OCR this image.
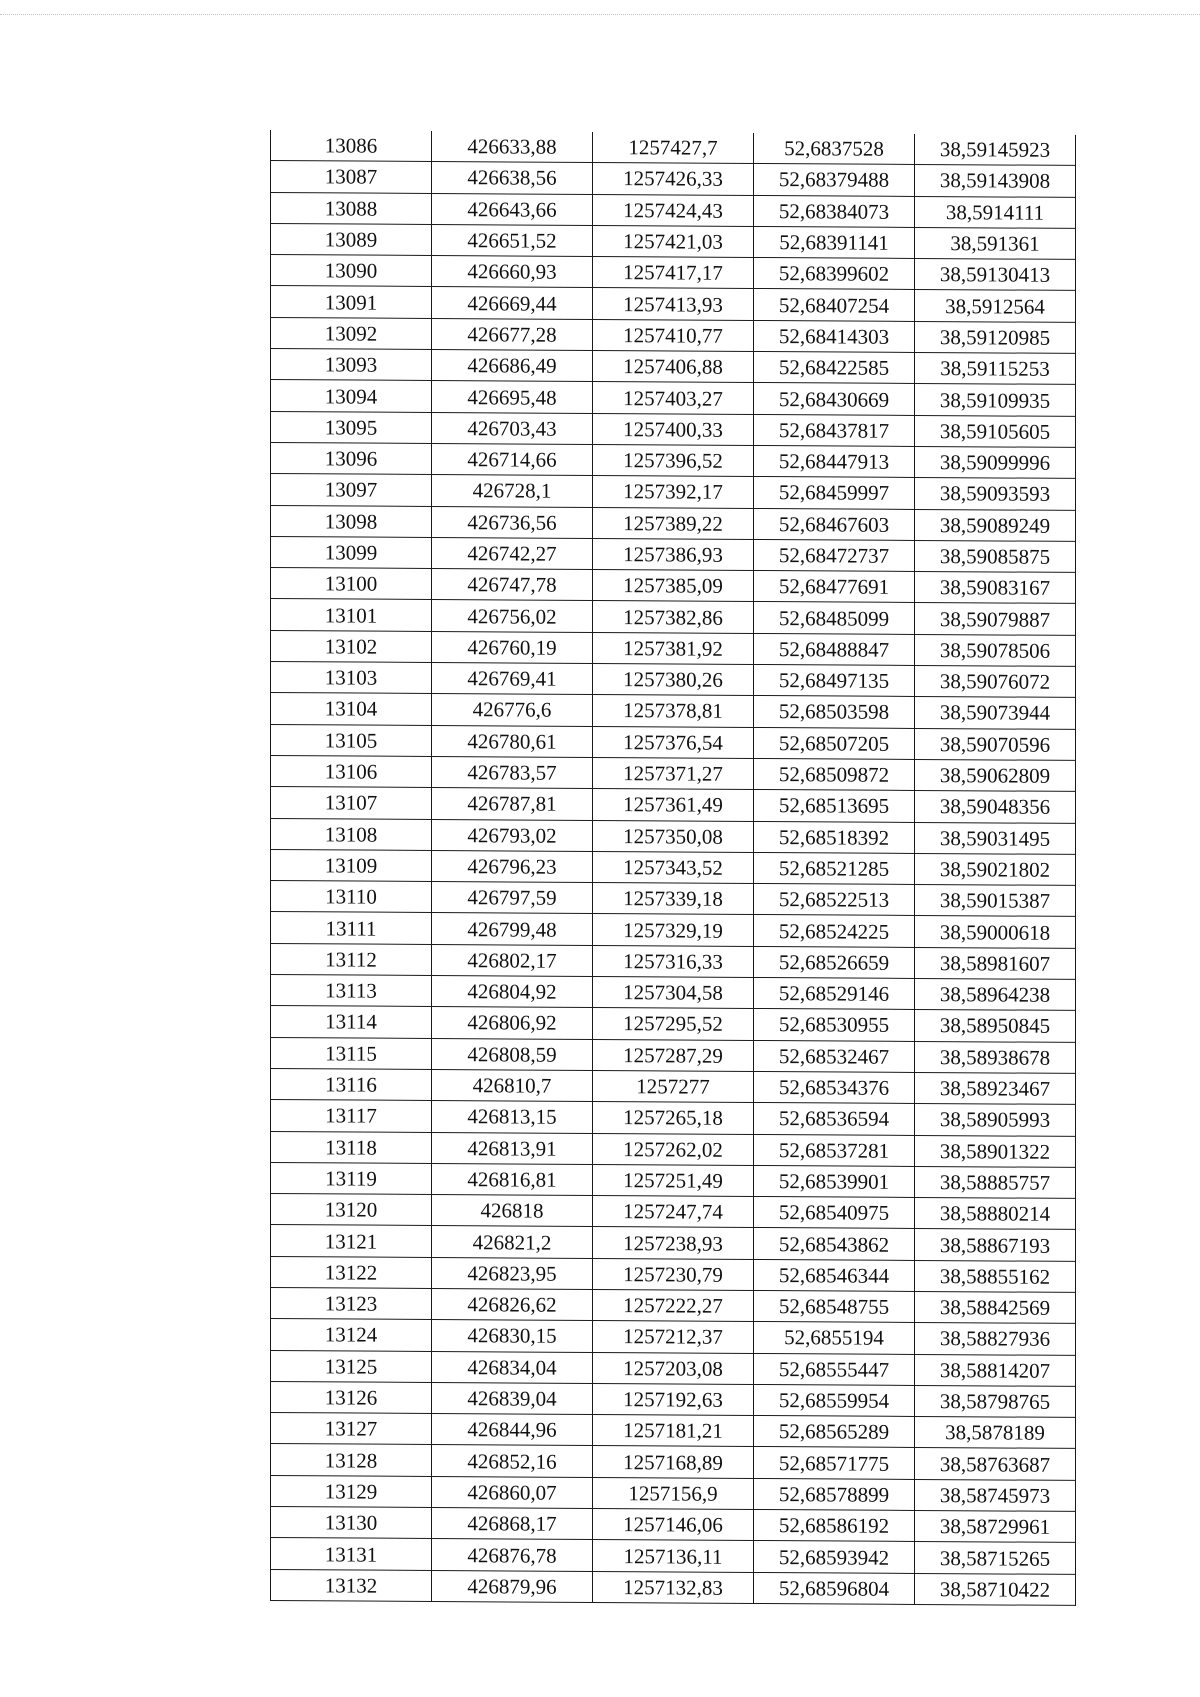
13086	426633,88	1257427,7	52,6837528	38,59145923
13087	426638,56	1257426,33	52,68379488	38,59143908
13088	426643,66	1257424,43	52,68384073	38,5914111
13089	426651,52	1257421,03	52,68391141	38,591361
13090	426660,93	1257417,17	52,68399602	38,59130413
13091	426669,44	1257413,93	52,68407254	38,5912564
13092	426677,28	1257410,77	52,68414303	38,59120985
13093	426686,49	1257406,88	52,68422585	38,59115253
13094	426695,48	1257403,27	52,68430669	38,59109935
13095	426703,43	1257400,33	52,68437817	38,59105605
13096	426714,66	1257396,52	52,68447913	38,59099996
13097	426728,1	1257392,17	52,68459997	38,59093593
13098	426736,56	1257389,22	52,68467603	38,59089249
13099	426742,27	1257386,93	52,68472737	38,59085875
13100	426747,78	1257385,09	52,68477691	38,59083167
13101	426756,02	1257382,86	52,68485099	38,59079887
13102	426760,19	1257381,92	52,68488847	38,59078506
13103	426769,41	1257380,26	52,68497135	38,59076072
13104	426776,6	1257378,81	52,68503598	38,59073944
13105	426780,61	1257376,54	52,68507205	38,59070596
13106	426783,57	1257371,27	52,68509872	38,59062809
13107	426787,81	1257361,49	52,68513695	38,59048356
13108	426793,02	1257350,08	52,68518392	38,59031495
13109	426796,23	1257343,52	52,68521285	38,59021802
13110	426797,59	1257339,18	52,68522513	38,59015387
13111	426799,48	1257329,19	52,68524225	38,59000618
13112	426802,17	1257316,33	52,68526659	38,58981607
13113	426804,92	1257304,58	52,68529146	38,58964238
13114	426806,92	1257295,52	52,68530955	38,58950845
13115	426808,59	1257287,29	52,68532467	38,58938678
13116	426810,7	1257277	52,68534376	38,58923467
13117	426813,15	1257265,18	52,68536594	38,58905993
13118	426813,91	1257262,02	52,68537281	38,58901322
13119	426816,81	1257251,49	52,68539901	38,58885757
13120	426818	1257247,74	52,68540975	38,58880214
13121	426821,2	1257238,93	52,68543862	38,58867193
13122	426823,95	1257230,79	52,68546344	38,58855162
13123	426826,62	1257222,27	52,68548755	38,58842569
13124	426830,15	1257212,37	52,6855194	38,58827936
13125	426834,04	1257203,08	52,68555447	38,58814207
13126	426839,04	1257192,63	52,68559954	38,58798765
13127	426844,96	1257181,21	52,68565289	38,5878189
13128	426852,16	1257168,89	52,68571775	38,58763687
13129	426860,07	1257156,9	52,68578899	38,58745973
13130	426868,17	1257146,06	52,68586192	38,58729961
13131	426876,78	1257136,11	52,68593942	38,58715265
13132	426879,96	1257132,83	52,68596804	38,58710422
